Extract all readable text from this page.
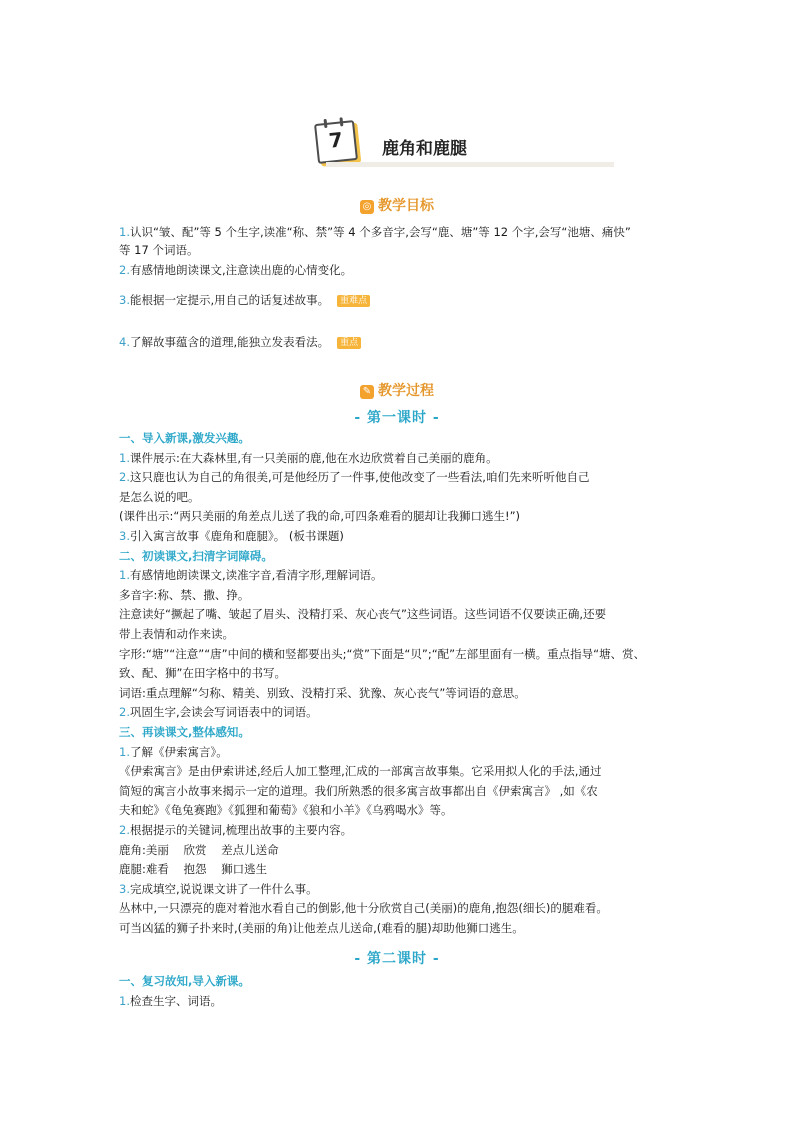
7	鹿角和鹿腿
◎ 教学目标
1.认识“皱、配”等 5 个生字,读准“称、禁”等 4 个多音字,会写“鹿、塘”等 12 个字,会写“池塘、痛快”
等 17 个词语。
2.有感情地朗读课文,注意读出鹿的心情变化。
3.能根据一定提示,用自己的话复述故事。 重难点
4.了解故事蕴含的道理,能独立发表看法。 重点
✎ 教学过程
- 第一课时 -
一、导入新课,激发兴趣。
1.课件展示:在大森林里,有一只美丽的鹿,他在水边欣赏着自己美丽的鹿角。
2.这只鹿也认为自己的角很美,可是他经历了一件事,使他改变了一些看法,咱们先来听听他自己
是怎么说的吧。
(课件出示:“两只美丽的角差点儿送了我的命,可四条难看的腿却让我狮口逃生!”)
3.引入寓言故事《鹿角和鹿腿》。 (板书课题)
二、初读课文,扫清字词障碍。
1.有感情地朗读课文,读准字音,看清字形,理解词语。
多音字:称、禁、撒、挣。
注意读好“撅起了嘴、皱起了眉头、没精打采、灰心丧气”这些词语。这些词语不仅要读正确,还要
带上表情和动作来读。
字形:“塘”“注意”“唐”中间的横和竖都要出头;“赏”下面是“贝”;“配”左部里面有一横。重点指导“塘、赏、
致、配、狮”在田字格中的书写。
词语:重点理解“匀称、精美、别致、没精打采、犹豫、灰心丧气”等词语的意思。
2.巩固生字,会读会写词语表中的词语。
三、再读课文,整体感知。
1.了解《伊索寓言》。
《伊索寓言》是由伊索讲述,经后人加工整理,汇成的一部寓言故事集。它采用拟人化的手法,通过
简短的寓言小故事来揭示一定的道理。我们所熟悉的很多寓言故事都出自《伊索寓言》 ,如《农
夫和蛇》《龟兔赛跑》《狐狸和葡萄》《狼和小羊》《乌鸦喝水》等。
2.根据提示的关键词,梳理出故事的主要内容。
鹿角:美丽    欣赏    差点儿送命
鹿腿:难看    抱怨    狮口逃生
3.完成填空,说说课文讲了一件什么事。
丛林中,一只漂亮的鹿对着池水看自己的倒影,他十分欣赏自己(美丽)的鹿角,抱怨(细长)的腿难看。
可当凶猛的狮子扑来时,(美丽的角)让他差点儿送命,(难看的腿)却助他狮口逃生。
- 第二课时 -
一、复习故知,导入新课。
1.检查生字、词语。
